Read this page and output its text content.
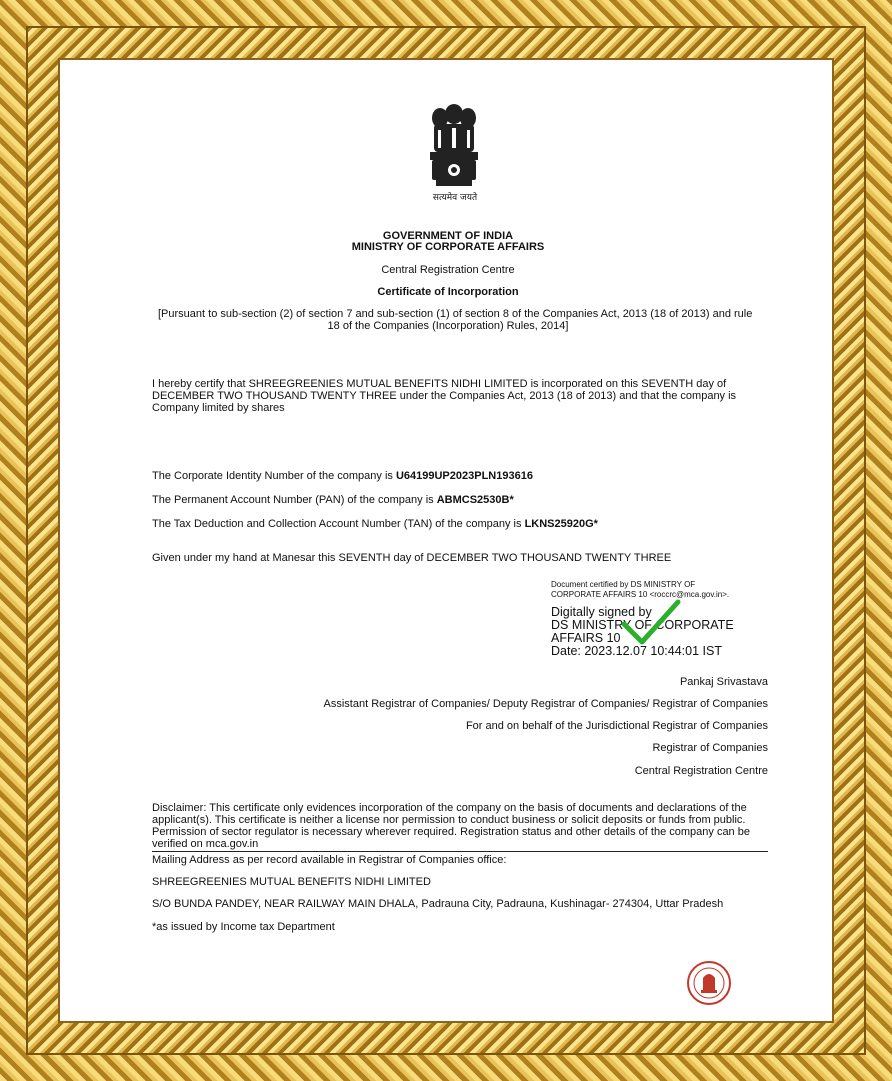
सत्यमेव जयते
GOVERNMENT OF INDIA
MINISTRY OF CORPORATE AFFAIRS
Central Registration Centre
Certificate of Incorporation
[Pursuant to sub-section (2) of section 7 and sub-section (1) of section 8 of the Companies Act, 2013 (18 of 2013) and rule
18 of the Companies (Incorporation) Rules, 2014]
I hereby certify that SHREEGREENIES MUTUAL BENEFITS NIDHI LIMITED is incorporated on this SEVENTH day of
DECEMBER TWO THOUSAND TWENTY THREE under the Companies Act, 2013 (18 of 2013) and that the company is
Company limited by shares
The Corporate Identity Number of the company is U64199UP2023PLN193616
The Permanent Account Number (PAN) of the company is ABMCS2530B*
The Tax Deduction and Collection Account Number (TAN) of the company is LKNS25920G*
Given under my hand at Manesar this SEVENTH day of DECEMBER TWO THOUSAND TWENTY THREE
Document certified by DS MINISTRY OF
CORPORATE AFFAIRS 10 <roccrc@mca.gov.in>.
Digitally signed by
DS MINISTRY OF CORPORATE
AFFAIRS 10
Date: 2023.12.07 10:44:01 IST
Pankaj Srivastava
Assistant Registrar of Companies/ Deputy Registrar of Companies/ Registrar of Companies
For and on behalf of the Jurisdictional Registrar of Companies
Registrar of Companies
Central Registration Centre
Disclaimer: This certificate only evidences incorporation of the company on the basis of documents and declarations of the
applicant(s). This certificate is neither a license nor permission to conduct business or solicit deposits or funds from public.
Permission of sector regulator is necessary wherever required. Registration status and other details of the company can be
verified on mca.gov.in
Mailing Address as per record available in Registrar of Companies office:
SHREEGREENIES MUTUAL BENEFITS NIDHI LIMITED
S/O BUNDA PANDEY, NEAR RAILWAY MAIN DHALA, Padrauna City, Padrauna, Kushinagar- 274304, Uttar Pradesh
*as issued by Income tax Department
